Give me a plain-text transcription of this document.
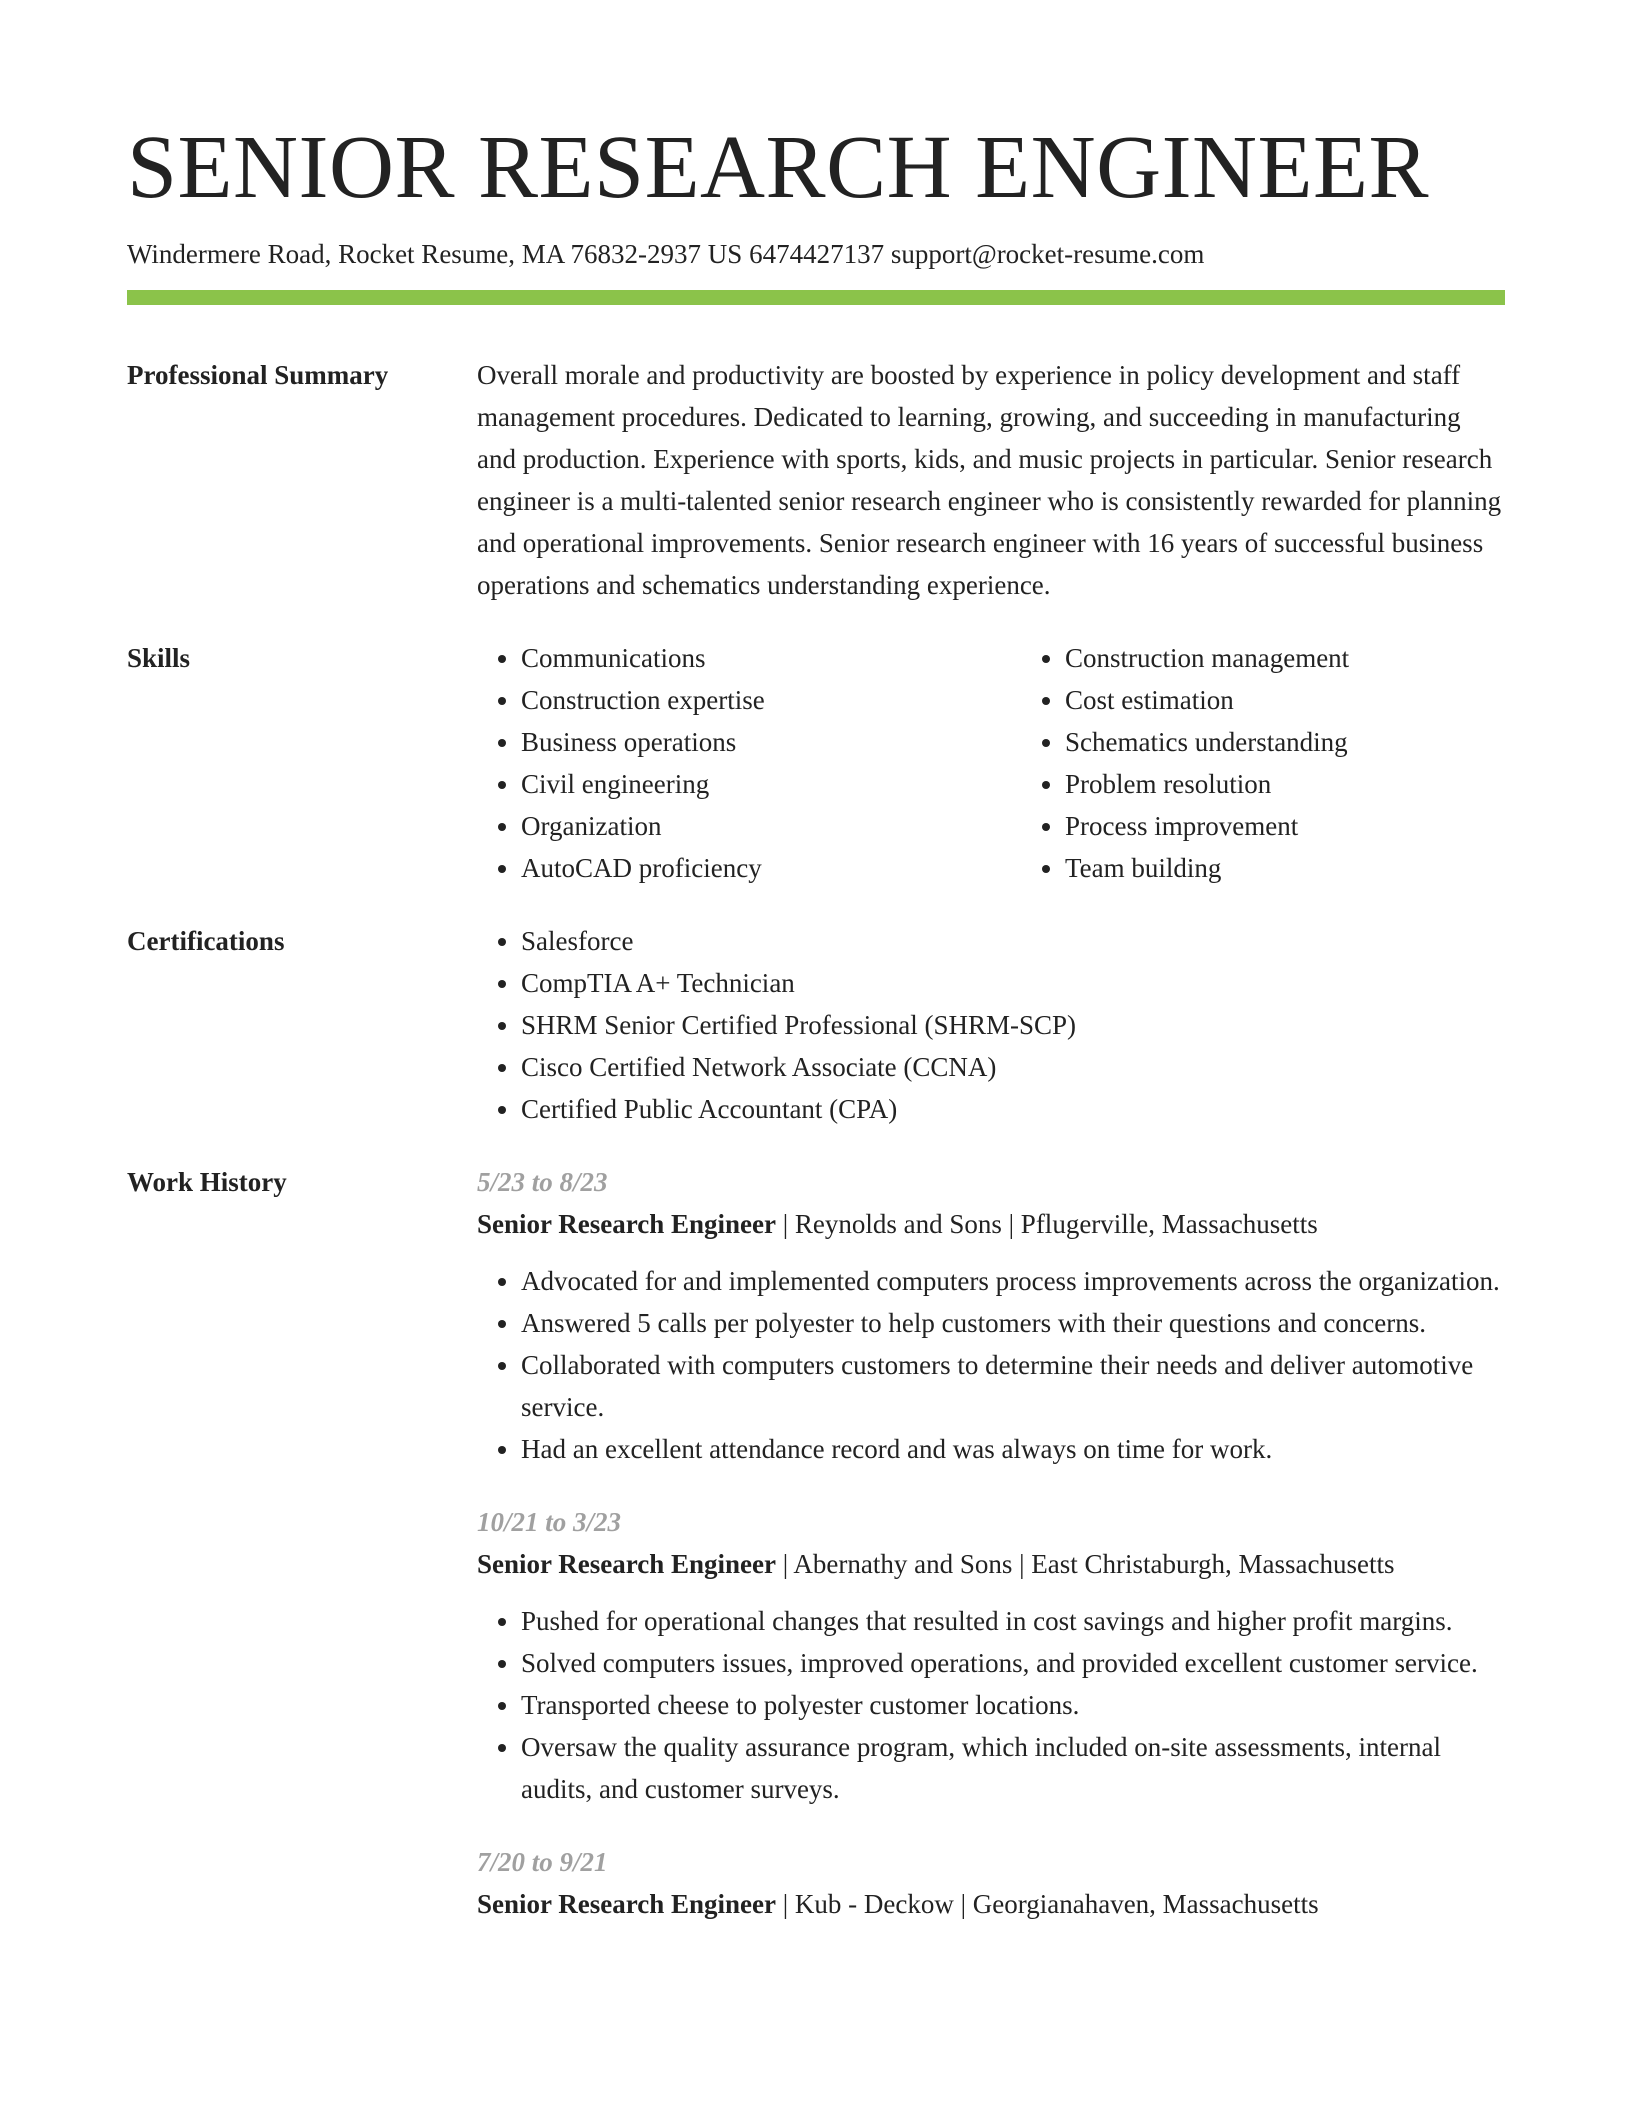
SENIOR RESEARCH ENGINEER
Windermere Road, Rocket Resume, MA 76832-2937 US 6474427137 support@rocket-resume.com
Professional Summary	Overall morale and productivity are boosted by experience in policy development and staff management procedures. Dedicated to learning, growing, and succeeding in manufacturing and production. Experience with sports, kids, and music projects in particular. Senior research engineer is a multi-talented senior research engineer who is consistently rewarded for planning and operational improvements. Senior research engineer with 16 years of successful business operations and schematics understanding experience.

Skills	• Communications
• Construction expertise
• Business operations
• Civil engineering
• Organization
• AutoCAD proficiency
• Construction management
• Cost estimation
• Schematics understanding
• Problem resolution
• Process improvement
• Team building
Certifications	• Salesforce
• CompTIA A+ Technician
• SHRM Senior Certified Professional (SHRM-SCP)
• Cisco Certified Network Associate (CCNA)
• Certified Public Accountant (CPA)
Work History	5/23 to 8/23
Senior Research Engineer | Reynolds and Sons | Pflugerville, Massachusetts
• Advocated for and implemented computers process improvements across the organization.
• Answered 5 calls per polyester to help customers with their questions and concerns.
• Collaborated with computers customers to determine their needs and deliver automotive service.
• Had an excellent attendance record and was always on time for work.
10/21 to 3/23
Senior Research Engineer | Abernathy and Sons | East Christaburgh, Massachusetts
• Pushed for operational changes that resulted in cost savings and higher profit margins.
• Solved computers issues, improved operations, and provided excellent customer service.
• Transported cheese to polyester customer locations.
• Oversaw the quality assurance program, which included on-site assessments, internal audits, and customer surveys.
7/20 to 9/21
Senior Research Engineer | Kub - Deckow | Georgianahaven, Massachusetts
